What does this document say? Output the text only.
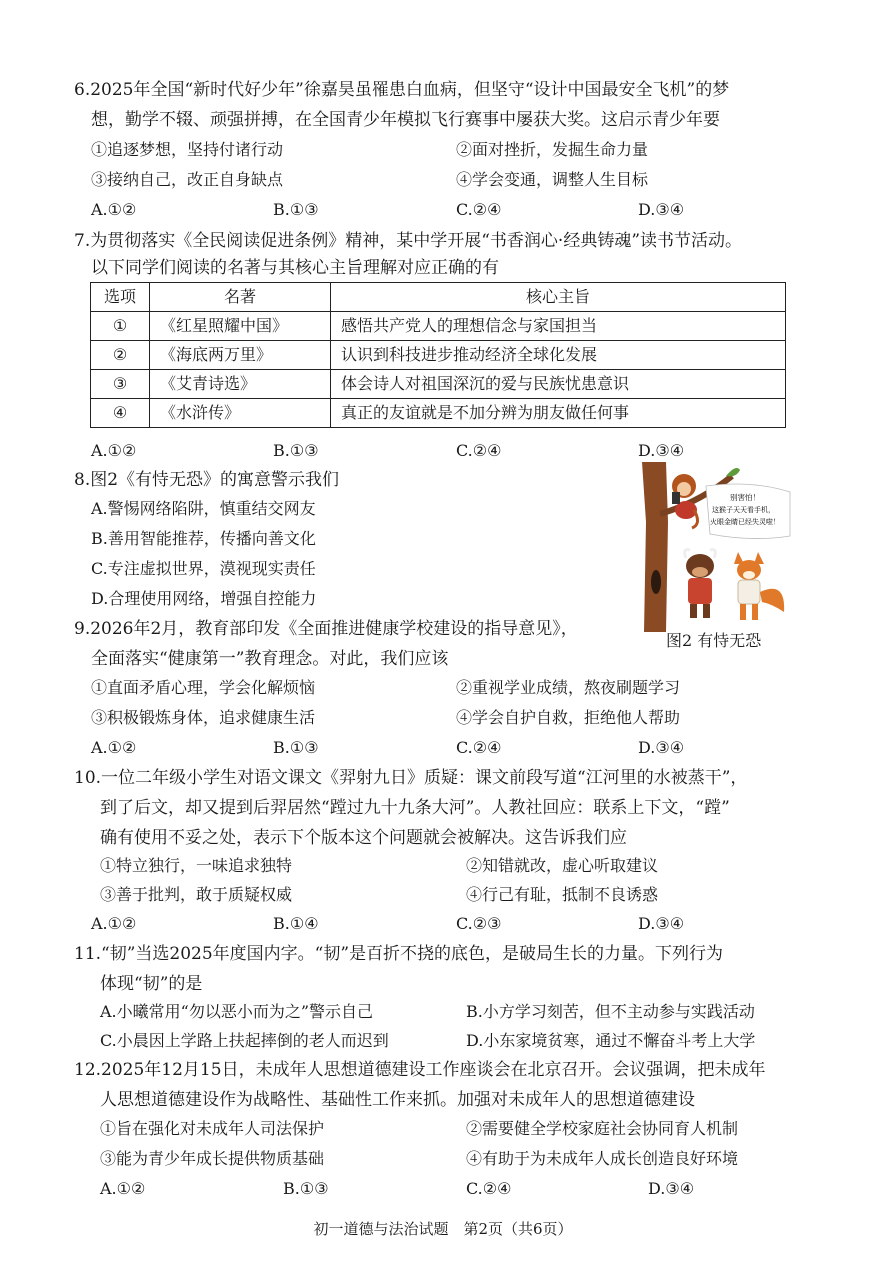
6.2025年全国“新时代好少年”徐嘉昊虽罹患白血病，但坚守“设计中国最安全飞机”的梦
想，勤学不辍、顽强拼搏，在全国青少年模拟飞行赛事中屡获大奖。这启示青少年要
①追逐梦想，坚持付诸行动	②面对挫折，发掘生命力量
③接纳自己，改正自身缺点	④学会变通，调整人生目标
A.①②	B.①③	C.②④	D.③④
7.为贯彻落实《全民阅读促进条例》精神，某中学开展“书香润心·经典铸魂”读书节活动。
以下同学们阅读的名著与其核心主旨理解对应正确的有
选项	名著	核心主旨
①	《红星照耀中国》	感悟共产党人的理想信念与家国担当
②	《海底两万里》	认识到科技进步推动经济全球化发展
③	《艾青诗选》	体会诗人对祖国深沉的爱与民族忧患意识
④	《水浒传》	真正的友谊就是不加分辨为朋友做任何事
A.①②	B.①③	C.②④	D.③④
8.图2《有恃无恐》的寓意警示我们
A.警惕网络陷阱，慎重结交网友
B.善用智能推荐，传播向善文化
C.专注虚拟世界，漠视现实责任
D.合理使用网络，增强自控能力
别害怕！
这猴子天天看手机，
火眼金睛已经失灵啦！
图2 有恃无恐
9.2026年2月，教育部印发《全面推进健康学校建设的指导意见》，
全面落实“健康第一”教育理念。对此，我们应该
①直面矛盾心理，学会化解烦恼	②重视学业成绩，熬夜刷题学习
③积极锻炼身体，追求健康生活	④学会自护自救，拒绝他人帮助
A.①②	B.①③	C.②④	D.③④
10.一位二年级小学生对语文课文《羿射九日》质疑：课文前段写道“江河里的水被蒸干”，
到了后文，却又提到后羿居然“蹚过九十九条大河”。人教社回应：联系上下文，“蹚”
确有使用不妥之处，表示下个版本这个问题就会被解决。这告诉我们应
①特立独行，一味追求独特	②知错就改，虚心听取建议
③善于批判，敢于质疑权威	④行己有耻，抵制不良诱惑
A.①②	B.①④	C.②③	D.③④
11.“韧”当选2025年度国内字。“韧”是百折不挠的底色，是破局生长的力量。下列行为
体现“韧”的是
A.小曦常用“勿以恶小而为之”警示自己	B.小方学习刻苦，但不主动参与实践活动
C.小晨因上学路上扶起摔倒的老人而迟到	D.小东家境贫寒，通过不懈奋斗考上大学
12.2025年12月15日，未成年人思想道德建设工作座谈会在北京召开。会议强调，把未成年
人思想道德建设作为战略性、基础性工作来抓。加强对未成年人的思想道德建设
①旨在强化对未成年人司法保护	②需要健全学校家庭社会协同育人机制
③能为青少年成长提供物质基础	④有助于为未成年人成长创造良好环境
A.①②	B.①③	C.②④	D.③④
初一道德与法治试题　第2页（共6页）
